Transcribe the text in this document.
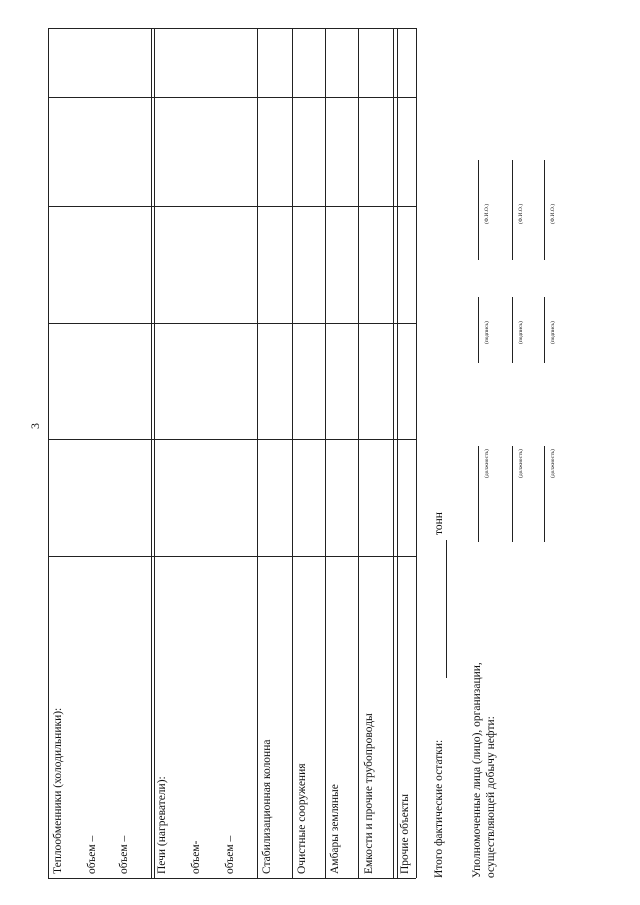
3
Теплообменники (холодильники): объем – объем – Печи (нагреватели): объем- объем – Стабилизационная колонна Очистные сооружения Амбары земляные Емкости и прочие трубопроводы Прочие объекты Итого фактические остатки:
тонн
Уполномоченные лица (лицо), организации, осуществляющей добычу нефти:
(должность)
(подпись)
(Ф.И.О.)
(должность)
(подпись)
(Ф.И.О.)
(должность)
(подпись)
(Ф.И.О.)
